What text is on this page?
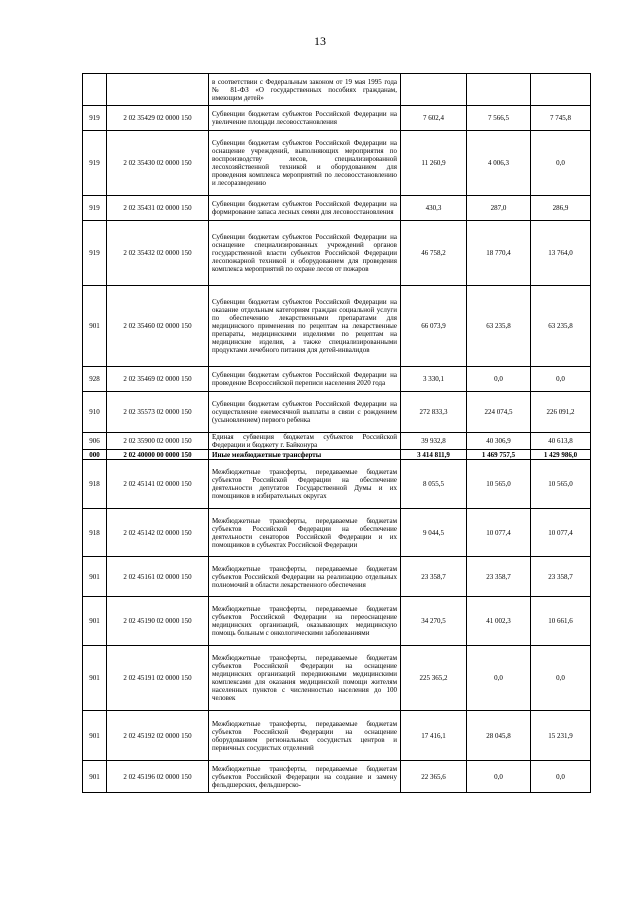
13
		в соответствии с Федеральным законом от 19 мая 1995 года № 81-ФЗ «О государственных пособиях гражданам, имеющим детей»			
919	2 02 35429 02 0000 150	Субвенции бюджетам субъектов Российской Федерации на увеличение площади лесовосстановления	7 602,4	7 566,5	7 745,8
919	2 02 35430 02 0000 150	Субвенции бюджетам субъектов Российской Федерации на оснащение учреждений, выполняющих мероприятия по воспроизводству лесов, специализированной лесохозяйственной техникой и оборудованием для проведения комплекса мероприятий по лесовосстановлению и лесоразведению	11 260,9	4 006,3	0,0
919	2 02 35431 02 0000 150	Субвенции бюджетам субъектов Российской Федерации на формирование запаса лесных семян для лесовосстановления	430,3	287,0	286,9
919	2 02 35432 02 0000 150	Субвенции бюджетам субъектов Российской Федерации на оснащение специализированных учреждений органов государственной власти субъектов Российской Федерации лесопожарной техникой и оборудованием для проведения комплекса мероприятий по охране лесов от пожаров	46 758,2	18 770,4	13 764,0
901	2 02 35460 02 0000 150	Субвенции бюджетам субъектов Российской Федерации на оказание отдельным категориям граждан социальной услуги по обеспечению лекарственными препаратами для медицинского применения по рецептам на лекарственные препараты, медицинскими изделиями по рецептам на медицинские изделия, а также специализированными продуктами лечебного питания для детей-инвалидов	66 073,9	63 235,8	63 235,8
928	2 02 35469 02 0000 150	Субвенции бюджетам субъектов Российской Федерации на проведение Всероссийской переписи населения 2020 года	3 330,1	0,0	0,0
910	2 02 35573 02 0000 150	Субвенции бюджетам субъектов Российской Федерации на осуществление ежемесячной выплаты в связи с рождением (усыновлением) первого ребенка	272 833,3	224 074,5	226 091,2
906	2 02 35900 02 0000 150	Единая субвенция бюджетам субъектов Российской Федерации и бюджету г. Байконура	39 932,8	40 306,9	40 613,8
000	2 02 40000 00 0000 150	Иные межбюджетные трансферты	3 414 811,9	1 469 757,5	1 429 986,0
918	2 02 45141 02 0000 150	Межбюджетные трансферты, передаваемые бюджетам субъектов Российской Федерации на обеспечение деятельности депутатов Государственной Думы и их помощников в избирательных округах	8 055,5	10 565,0	10 565,0
918	2 02 45142 02 0000 150	Межбюджетные трансферты, передаваемые бюджетам субъектов Российской Федерации на обеспечение деятельности сенаторов Российской Федерации и их помощников в субъектах Российской Федерации	9 044,5	10 077,4	10 077,4
901	2 02 45161 02 0000 150	Межбюджетные трансферты, передаваемые бюджетам субъектов Российской Федерации на реализацию отдельных полномочий в области лекарственного обеспечения	23 358,7	23 358,7	23 358,7
901	2 02 45190 02 0000 150	Межбюджетные трансферты, передаваемые бюджетам субъектов Российской Федерации на переоснащение медицинских организаций, оказывающих медицинскую помощь больным с онкологическими заболеваниями	34 270,5	41 002,3	10 661,6
901	2 02 45191 02 0000 150	Межбюджетные трансферты, передаваемые бюджетам субъектов Российской Федерации на оснащение медицинских организаций передвижными медицинскими комплексами для оказания медицинской помощи жителям населенных пунктов с численностью населения до 100 человек	225 365,2	0,0	0,0
901	2 02 45192 02 0000 150	Межбюджетные трансферты, передаваемые бюджетам субъектов Российской Федерации на оснащение оборудованием региональных сосудистых центров и первичных сосудистых отделений	17 416,1	28 045,8	15 231,9
901	2 02 45196 02 0000 150	Межбюджетные трансферты, передаваемые бюджетам субъектов Российской Федерации на создание и замену фельдшерских, фельдшерско-	22 365,6	0,0	0,0
